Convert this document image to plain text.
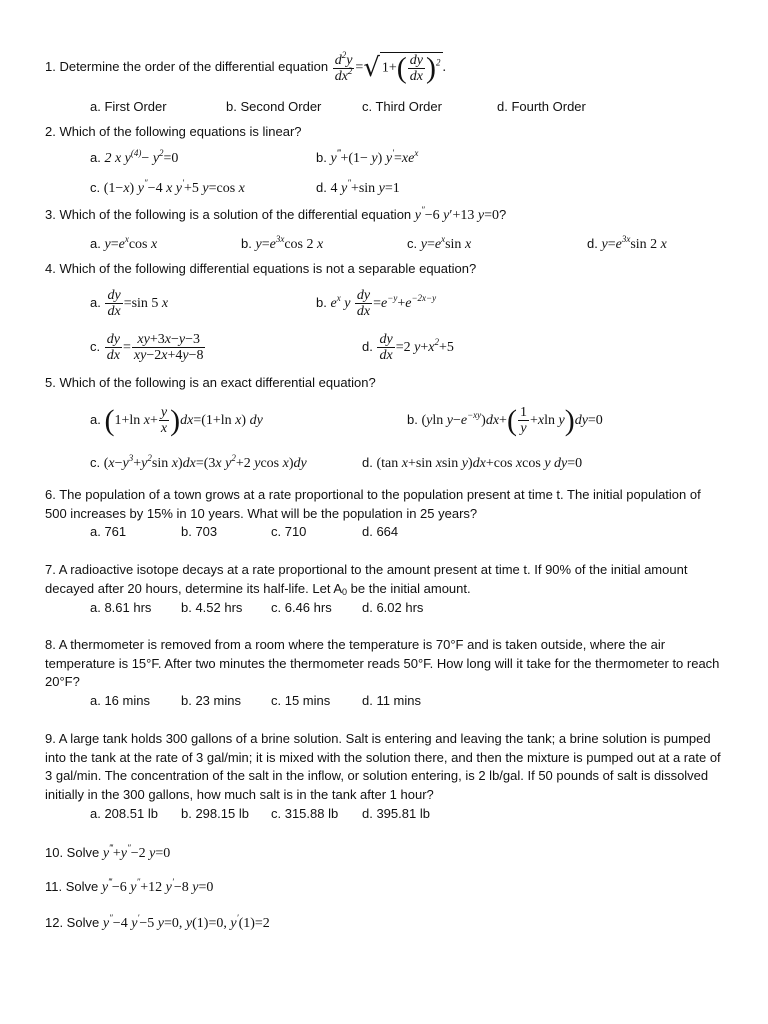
1. Determine the order of the differential equation $\frac{d^2y}{dx^2}$ =√ $1+( \frac{dy}{dx} )^2$ .
a. First Order	b. Second Order	c. Third Order	d. Fourth Order
2. Which of the following equations is linear?
a. 2 x $y^{(4)}- y^2=0$	b. y‴+(1− y) $y'=xe^x$
c. (1−x) y″−4 x y′+5 y=cos x	d. 4 y″+sin y=1
3. Which of the following is a solution of the differential equation y″−6 y′+13 y=0?
a. $y=e^x\cos$ x	b. $y=e^{3x}\cos$ 2 x	c. $y=e^x\sin$ x	d. $y=e^{3x}\sin$ 2 x
4. Which of the following differential equations is not a separable equation?
a. $\frac{dy}{dx} =\sin$ 5 x	b. $e^x$ y $\frac{dy}{dx} =e^{-y}+e^{-2x-y}$
c. $\frac{dy}{dx} = \frac{xy+3x-y-3}{xy-2x+4y-8}$	d. $\frac{dy}{dx} =2$ $y+x^2+5$
5. Which of the following is an exact differential equation?
a. (1+ln $x+ \frac{y}{x} )dx=(1+\ln$ x) dy	b. (yln $y-e^{-xy})dx+( \frac{1}{y} +xln$ y)dy=0
c. ($x-y^3+y^2\sin$ x)dx=(3x $y^2+2$ ycos x)dy	d. (tan x+sin xsin y)dx+cos xcos y dy=0
6. The population of a town grows at a rate proportional to the population present at time t. The initial population of 500 increases by 15% in 10 years. What will be the population in 25 years?
a. 761	b. 703	c. 710	d. 664
7. A radioactive isotope decays at a rate proportional to the amount present at time t. If 90% of the initial amount decayed after 20 hours, determine its half-life. Let $A_0$ be the initial amount.
a. 8.61 hrs b. 4.52 hrs c. 6.46 hrs d. 6.02 hrs
8. A thermometer is removed from a room where the temperature is 70°F and is taken outside, where the air temperature is 15°F. After two minutes the thermometer reads 50°F. How long will it take for the thermometer to reach 20°F?
a. 16 mins b. 23 mins c. 15 mins d. 11 mins
9. A large tank holds 300 gallons of a brine solution. Salt is entering and leaving the tank; a brine solution is pumped into the tank at the rate of 3 gal/min; it is mixed with the solution there, and then the mixture is pumped out at a rate of 3 gal/min. The concentration of the salt in the inflow, or solution entering, is 2 lb/gal. If 50 pounds of salt is dissolved initially in the 300 gallons, how much salt is in the tank after 1 hour?
a. 208.51 lb b. 298.15 lb c. 315.88 lb d. 395.81 lb
10. Solve y‴+y″−2 y=0
11. Solve y‴−6 y″+12 y′−8 y=0
12. Solve y″−4 y′−5 y=0, y(1)=0, y′(1)=2
